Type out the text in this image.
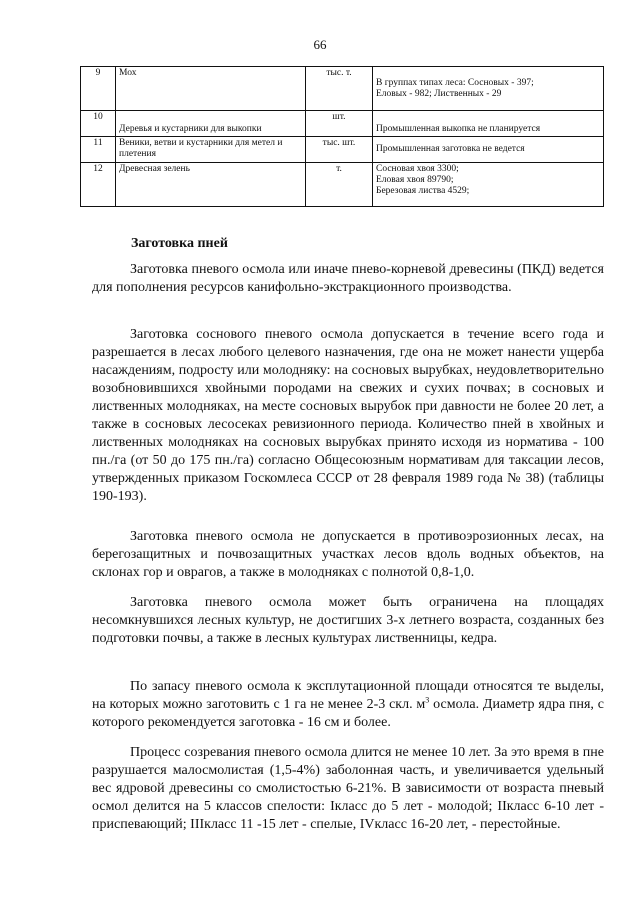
66
9	Мох	тыс. т.	В группах типах леса: Сосновых - 397;
Еловых - 982; Лиственных - 29

10	Деревья и кустарники для выкопки	шт.	Промышленная выкопка не планируется

11	Веники, ветви и кустарники для метел и плетения	тыс. шт.	Промышленная заготовка не ведется

12	Древесная зелень	т.	Сосновая хвоя 3300;
Еловая хвоя 89790;
Березовая листва 4529;
Заготовка пней

Заготовка пневого осмола или иначе пнево-корневой древесины (ПКД) ведется для пополнения ресурсов канифольно-экстракционного производства.

Заготовка соснового пневого осмола допускается в течение всего года и разрешается в лесах любого целевого назначения, где она не может нанести ущерба насаждениям, подросту или молодняку: на сосновых вырубках, неудовлетворительно возобновившихся хвойными породами на свежих и сухих почвах; в сосновых и лиственных молодняках, на месте сосновых вырубок при давности не более 20 лет, а также в сосновых лесосеках ревизионного периода. Количество пней в хвойных и лиственных молодняках на сосновых вырубках принято исходя из норматива - 100 пн./га (от 50 до 175 пн./га) согласно Общесоюзным нормативам для таксации лесов, утвержденных приказом Госкомлеса СССР от 28 февраля 1989 года № 38) (таблицы 190-193).

Заготовка пневого осмола не допускается в противоэрозионных лесах, на берегозащитных и почвозащитных участках лесов вдоль водных объектов, на склонах гор и оврагов, а также в молодняках с полнотой 0,8-1,0.

Заготовка пневого осмола может быть ограничена на площадях несомкнувшихся лесных культур, не достигших 3-х летнего возраста, созданных без подготовки почвы, а также в лесных культурах лиственницы, кедра.

По запасу пневого осмола к эксплутационной площади относятся те выделы, на которых можно заготовить с 1 га не менее 2-3 скл. $м^3$ осмола. Диаметр ядра пня, с которого рекомендуется заготовка - 16 см и более.

Процесс созревания пневого осмола длится не менее 10 лет. За это время в пне разрушается малосмолистая (1,5-4%) заболонная часть, и увеличивается удельный вес ядровой древесины со смолистостью 6-21%. В зависимости от возраста пневый осмол делится на 5 классов спелости: Iкласс до 5 лет - молодой; IIкласс 6-10 лет - приспевающий; IIIкласс 11 -15 лет - спелые, IVкласс 16-20 лет, - перестойные.
